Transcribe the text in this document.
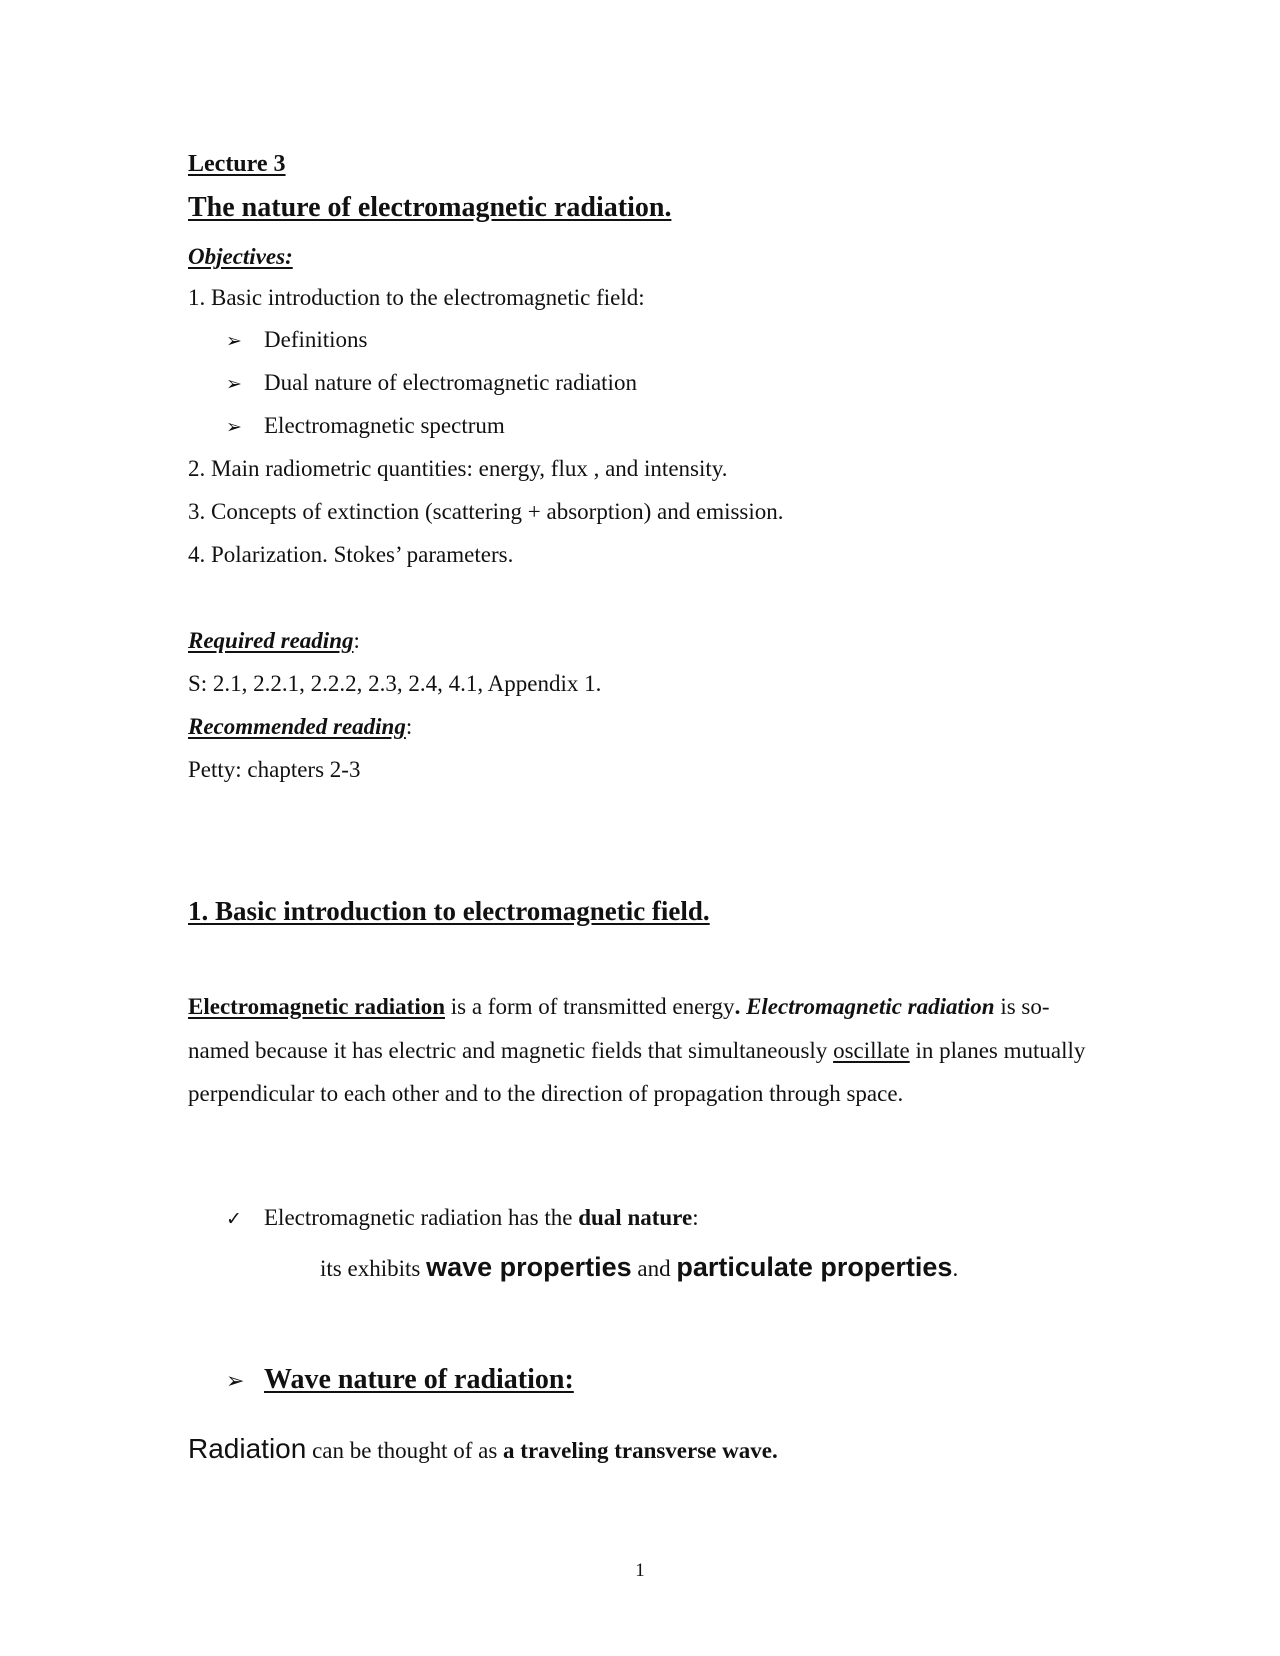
Lecture 3
The nature of electromagnetic radiation.
Objectives:
1. Basic introduction to the electromagnetic field:
➢ Definitions
➢ Dual nature of electromagnetic radiation
➢ Electromagnetic spectrum
2. Main radiometric quantities: energy, flux , and intensity.
3. Concepts of extinction (scattering + absorption) and emission.
4. Polarization. Stokes’ parameters.
Required reading:
S: 2.1, 2.2.1, 2.2.2, 2.3, 2.4, 4.1, Appendix 1.
Recommended reading:
Petty: chapters 2-3
1. Basic introduction to electromagnetic field.
Electromagnetic radiation is a form of transmitted energy. Electromagnetic radiation is so-named because it has electric and magnetic fields that simultaneously oscillate in planes mutually perpendicular to each other and to the direction of propagation through space.
✓ Electromagnetic radiation has the dual nature:
its exhibits wave properties and particulate properties.
➢ Wave nature of radiation:
Radiation can be thought of as a traveling transverse wave.
1
